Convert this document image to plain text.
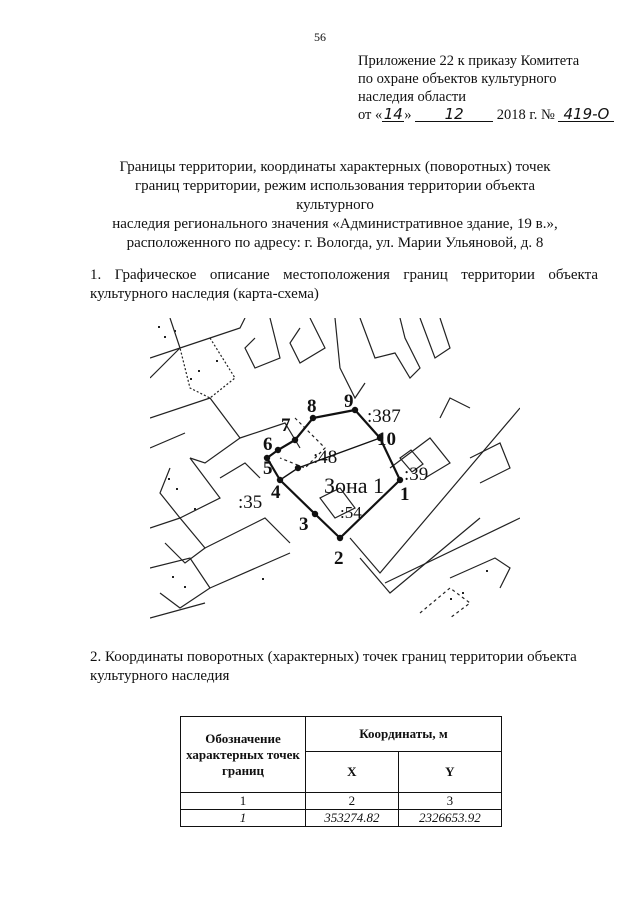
56
Приложение 22 к приказу Комитета
по охране объектов культурного
наследия области
от «14» 12 2018 г. № 419-О
Границы территории, координаты характерных (поворотных) точек
границ территории, режим использования территории объекта культурного
наследия регионального значения «Административное здание, 19 в.»,
расположенного по адресу: г. Вологда, ул. Марии Ульяновой, д. 8
1. Графическое описание местоположения границ территории объекта культурного наследия (карта-схема)
1
2
3
4
5
6
7
8 9
10
:387
:48
:39
:35	:54
Зона 1
2. Координаты поворотных (характерных) точек границ территории объекта культурного наследия
Обозначение характерных точек границ	Координаты, м	
	X	Y
1	2	3
1	353274.82	2326653.92
